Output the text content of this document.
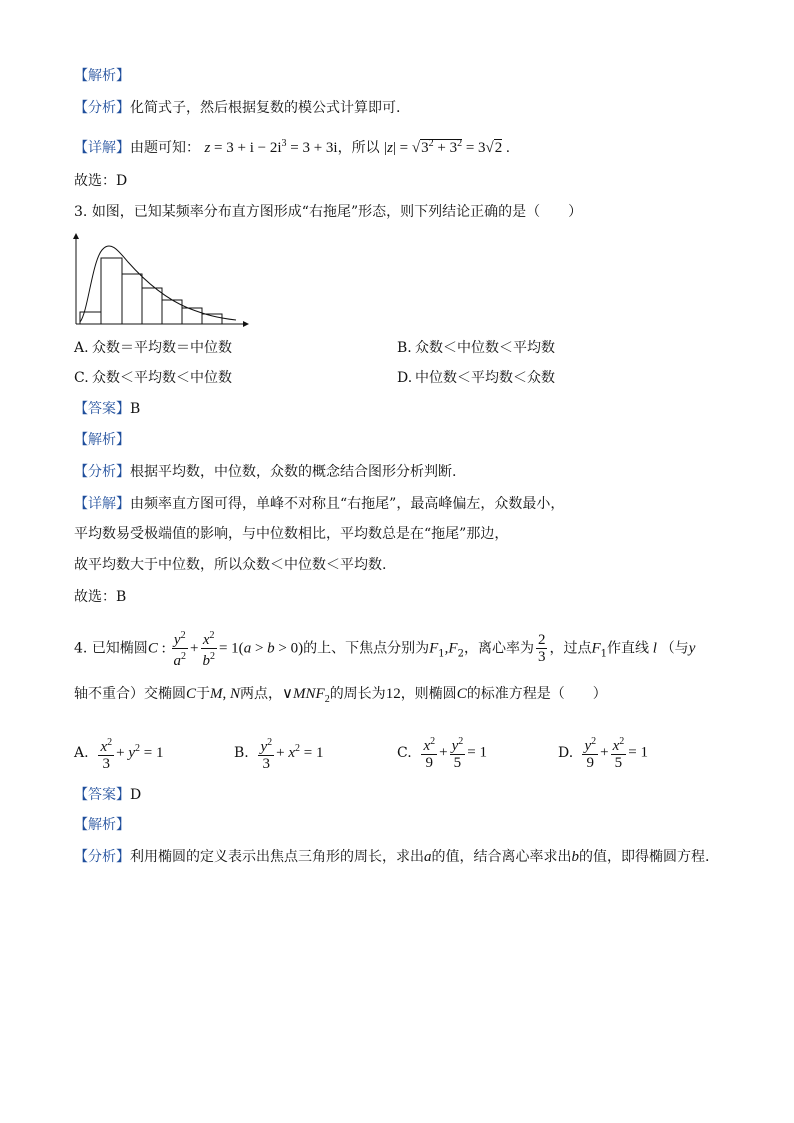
【解析】
【分析】化简式子，然后根据复数的模公式计算即可.
【详解】由题可知： $z = 3 + i - 2i^3 = 3 + 3i$，所以 $|z| = √3^2 + 3^2 = 3√2$ .
故选：D
3. 如图，已知某频率分布直方图形成“右拖尾”形态，则下列结论正确的是（　　）
A. 众数＝平均数＝中位数	B. 众数＜中位数＜平均数
C. 众数＜平均数＜中位数	D. 中位数＜平均数＜众数
【答案】B
【解析】
【分析】根据平均数，中位数，众数的概念结合图形分析判断.
【详解】由频率直方图可得，单峰不对称且“右拖尾”，最高峰偏左，众数最小，
平均数易受极端值的影响，与中位数相比，平均数总是在“拖尾”那边，
故平均数大于中位数，所以众数＜中位数＜平均数.
故选：B
4. 已知椭圆C : $\frac{y^2}{a^2} + \frac{x^2}{b^2} = 1(a > b > 0)$的上、下焦点分别为$F_1,F_2$，离心率为 $\frac{2}{3}$ ，过点$F_1$作直线 l （与y
轴不重合）交椭圆C于M, N两点，$\vee MNF_2$的周长为12，则椭圆C的标准方程是（　　）
A. $\frac{x^2}{3} + y^2 = 1$	B. $\frac{y^2}{3} + x^2 = 1$	C. $\frac{x^2}{9} + \frac{y^2}{5} = 1$	D. $\frac{y^2}{9} + \frac{x^2}{5} = 1$
【答案】D
【解析】
【分析】利用椭圆的定义表示出焦点三角形的周长，求出a的值，结合离心率求出b的值，即得椭圆方程.
